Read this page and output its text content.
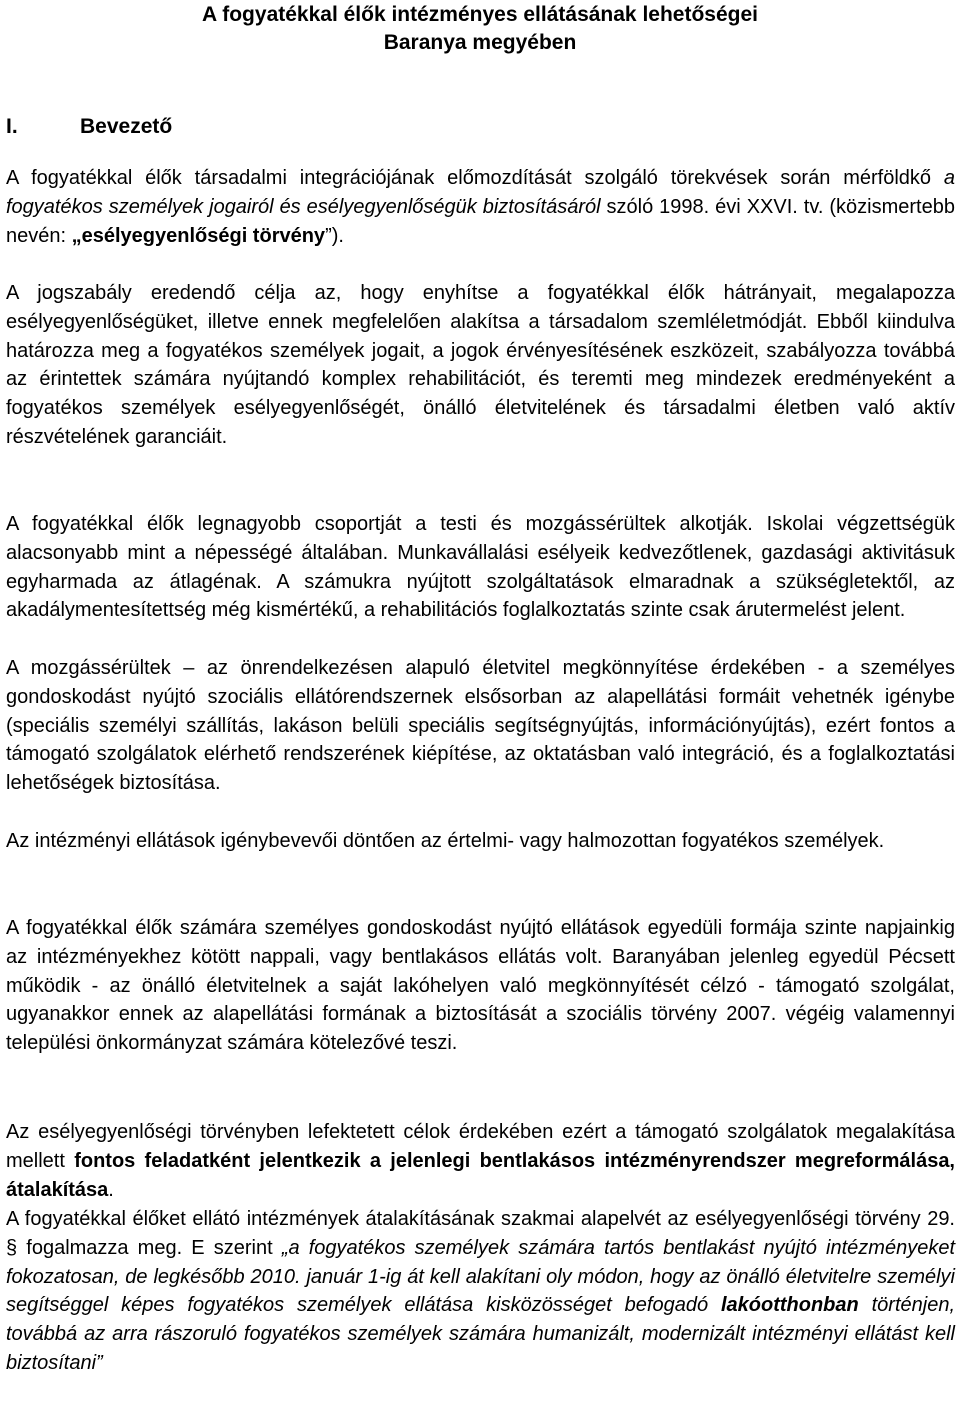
A fogyatékkal élők intézményes ellátásának lehetőségei
Baranya megyében
I.	Bevezető

A fogyatékkal élők társadalmi integrációjának előmozdítását szolgáló törekvések során mérföldkő a fogyatékos személyek jogairól és esélyegyenlőségük biztosításáról szóló 1998. évi XXVI. tv. (közismertebb nevén: „esélyegyenlőségi törvény”).

A jogszabály eredendő célja az, hogy enyhítse a fogyatékkal élők hátrányait, megalapozza esélyegyenlőségüket, illetve ennek megfelelően alakítsa a társadalom szemléletmódját. Ebből kiindulva határozza meg a fogyatékos személyek jogait, a jogok érvényesítésének eszközeit, szabályozza továbbá az érintettek számára nyújtandó komplex rehabilitációt, és teremti meg mindezek eredményeként a fogyatékos személyek esélyegyenlőségét, önálló életvitelének és társadalmi életben való aktív részvételének garanciáit.

A fogyatékkal élők legnagyobb csoportját a testi és mozgássérültek alkotják. Iskolai végzettségük alacsonyabb mint a népességé általában. Munkavállalási esélyeik kedvezőtlenek, gazdasági aktivitásuk egyharmada az átlagénak. A számukra nyújtott szolgáltatások elmaradnak a szükségletektől, az akadálymentesítettség még kismértékű, a rehabilitációs foglalkoztatás szinte csak árutermelést jelent.

A mozgássérültek – az önrendelkezésen alapuló életvitel megkönnyítése érdekében - a személyes gondoskodást nyújtó szociális ellátórendszernek elsősorban az alapellátási formáit vehetnék igénybe (speciális személyi szállítás, lakáson belüli speciális segítségnyújtás, információnyújtás), ezért fontos a támogató szolgálatok elérhető rendszerének kiépítése, az oktatásban való integráció, és a foglalkoztatási lehetőségek biztosítása.

Az intézményi ellátások igénybevevői döntően az értelmi- vagy halmozottan fogyatékos személyek.

A fogyatékkal élők számára személyes gondoskodást nyújtó ellátások egyedüli formája szinte napjainkig az intézményekhez kötött nappali, vagy bentlakásos ellátás volt. Baranyában jelenleg egyedül Pécsett működik - az önálló életvitelnek a saját lakóhelyen való megkönnyítését célzó - támogató szolgálat, ugyanakkor ennek az alapellátási formának a biztosítását a szociális törvény 2007. végéig valamennyi települési önkormányzat számára kötelezővé teszi.

Az esélyegyenlőségi törvényben lefektetett célok érdekében ezért a támogató szolgálatok megalakítása mellett fontos feladatként jelentkezik a jelenlegi bentlakásos intézményrendszer megreformálása, átalakítása.

A fogyatékkal élőket ellátó intézmények átalakításának szakmai alapelvét az esélyegyenlőségi törvény 29. § fogalmazza meg. E szerint „a fogyatékos személyek számára tartós bentlakást nyújtó intézményeket fokozatosan, de legkésőbb 2010. január 1-ig át kell alakítani oly módon, hogy az önálló életvitelre személyi segítséggel képes fogyatékos személyek ellátása kisközösséget befogadó lakóotthonban történjen, továbbá az arra rászoruló fogyatékos személyek számára humanizált, modernizált intézményi ellátást kell biztosítani”
